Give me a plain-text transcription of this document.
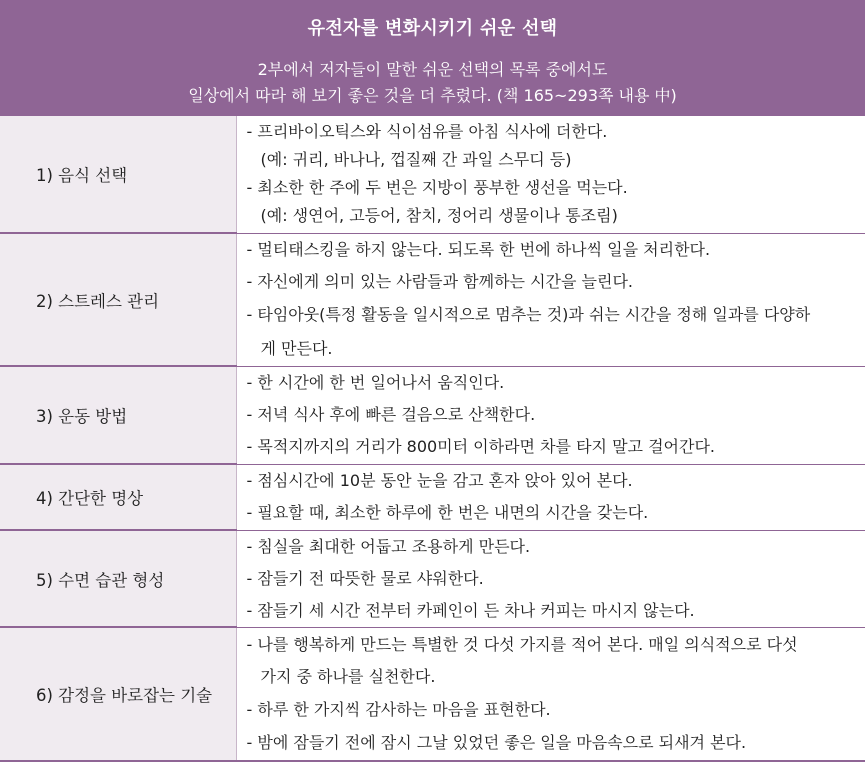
유전자를 변화시키기 쉬운 선택
2부에서 저자들이 말한 쉬운 선택의 목록 중에서도
일상에서 따라 해 보기 좋은 것을 더 추렸다. (책 165~293쪽 내용 中)
1) 음식 선택	- 프리바이오틱스와 식이섬유를 아침 식사에 더한다.
(예: 귀리, 바나나, 껍질째 간 과일 스무디 등)
- 최소한 한 주에 두 번은 지방이 풍부한 생선을 먹는다.
(예: 생연어, 고등어, 참치, 정어리 생물이나 통조림)

2) 스트레스 관리	- 멀티태스킹을 하지 않는다. 되도록 한 번에 하나씩 일을 처리한다.
- 자신에게 의미 있는 사람들과 함께하는 시간을 늘린다.
- 타임아웃(특정 활동을 일시적으로 멈추는 것)과 쉬는 시간을 정해 일과를 다양하
게 만든다.

3) 운동 방법	- 한 시간에 한 번 일어나서 움직인다.
- 저녁 식사 후에 빠른 걸음으로 산책한다.
- 목적지까지의 거리가 800미터 이하라면 차를 타지 말고 걸어간다.

4) 간단한 명상	- 점심시간에 10분 동안 눈을 감고 혼자 앉아 있어 본다.
- 필요할 때, 최소한 하루에 한 번은 내면의 시간을 갖는다.

5) 수면 습관 형성	- 침실을 최대한 어둡고 조용하게 만든다.
- 잠들기 전 따뜻한 물로 샤워한다.
- 잠들기 세 시간 전부터 카페인이 든 차나 커피는 마시지 않는다.

6) 감정을 바로잡는 기술	- 나를 행복하게 만드는 특별한 것 다섯 가지를 적어 본다. 매일 의식적으로 다섯
가지 중 하나를 실천한다.
- 하루 한 가지씩 감사하는 마음을 표현한다.
- 밤에 잠들기 전에 잠시 그날 있었던 좋은 일을 마음속으로 되새겨 본다.
